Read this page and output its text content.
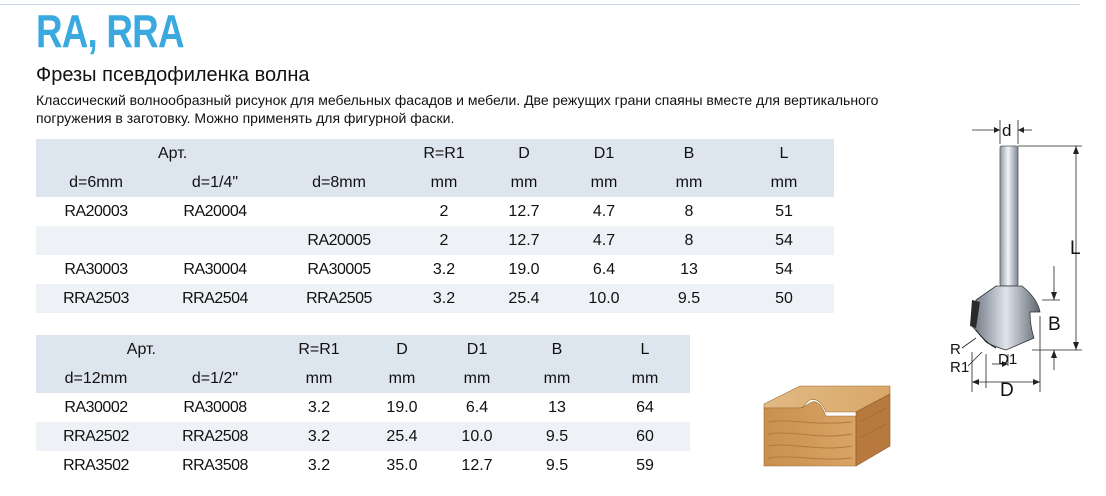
RA, RRA
Фрезы псевдофиленка волна
Классический волнообразный рисунок для мебельных фасадов и мебели. Две режущих грани спаяны вместе для вертикального погружения в заготовку. Можно применять для фигурной фаски.
	Арт.		R=R1	D	D1	B	L
d=6mm	d=1/4"	d=8mm	mm	mm	mm	mm	mm
RA20003	RA20004		2	12.7	4.7	8	51
		RA20005	2	12.7	4.7	8	54
RA30003	RA30004	RA30005	3.2	19.0	6.4	13	54
RRA2503	RRA2504	RRA2505	3.2	25.4	10.0	9.5	50
Арт.		R=R1	D	D1	B	L
d=12mm	d=1/2"	mm	mm	mm	mm	mm
RA30002	RA30008	3.2	19.0	6.4	13	64
RRA2502	RRA2508	3.2	25.4	10.0	9.5	60
RRA3502	RRA3508	3.2	35.0	12.7	9.5	59
d
L
B
R
R1 D1
D
